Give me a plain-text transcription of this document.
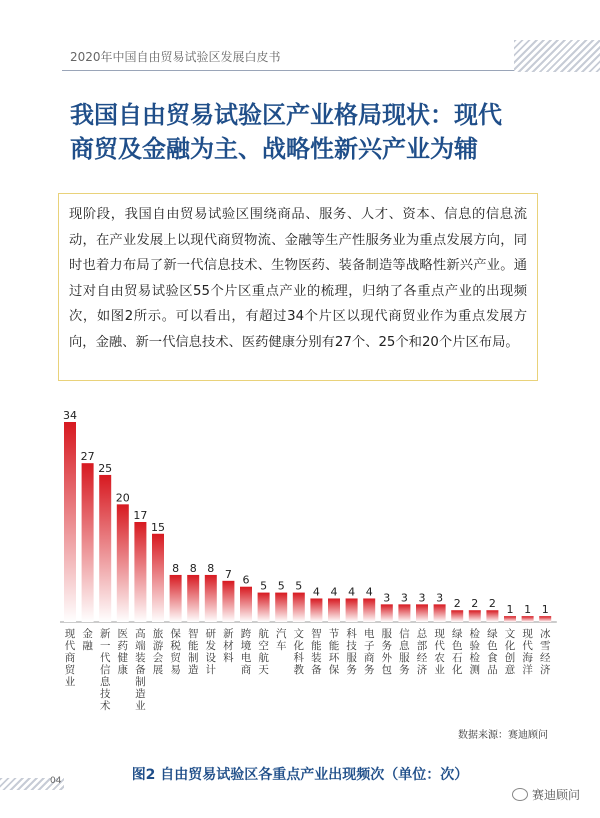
2020年中国自由贸易试验区发展白皮书
我国自由贸易试验区产业格局现状：现代
商贸及金融为主、战略性新兴产业为辅
现阶段，我国自由贸易试验区围绕商品、服务、人才、资本、信息的信息流动，在产业发展上以现代商贸物流、金融等生产性服务业为重点发展方向，同时也着力布局了新一代信息技术、生物医药、装备制造等战略性新兴产业。通过对自由贸易试验区55个片区重点产业的梳理，归纳了各重点产业的出现频次，如图2所示。可以看出，有超过34个片区以现代商贸业作为重点发展方向，金融、新一代信息技术、医药健康分别有27个、25个和20个片区布局。
34
现代商贸业
27
金融
25
新一代信息技术
20
医药健康
17
高端装备制造业
15
旅游会展
8
保税贸易
8
智能制造
8
研发设计
7
新材料
6
跨境电商
5
航空航天
5
汽车
5
文化科教
4
智能装备
4
节能环保
4
科技服务
4
电子商务
3
服务外包
3
信息服务
3
总部经济
3
现代农业
2
绿色石化
2
检验检测
2
绿色食品
1
文化创意
1
现代海洋
1
冰雪经济
数据来源：赛迪顾问
图2 自由贸易试验区各重点产业出现频次（单位：次）
04
赛迪顾问
